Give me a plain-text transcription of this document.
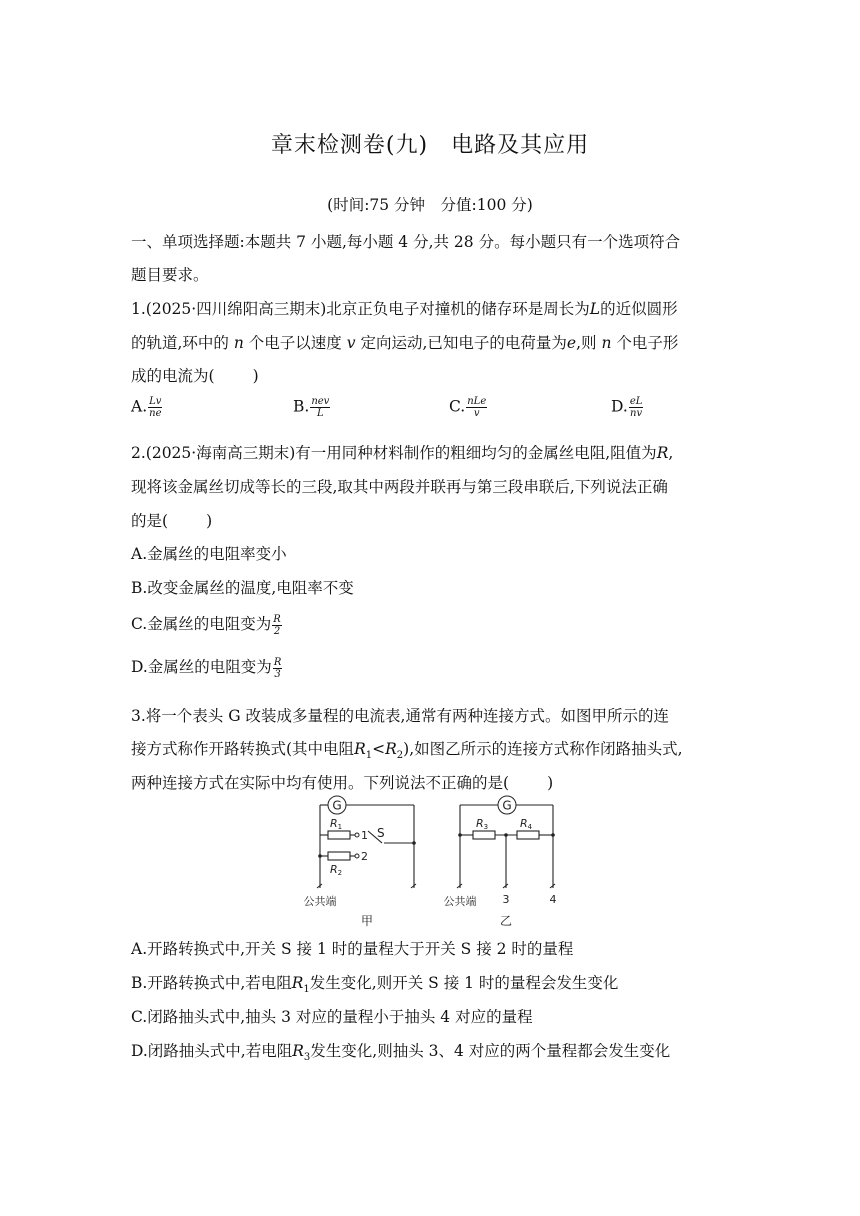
章末检测卷(九)　电路及其应用
(时间:75 分钟　分值:100 分)
一、单项选择题:本题共 7 小题,每小题 4 分,共 28 分。每小题只有一个选项符合
题目要求。
1.(2025·四川绵阳高三期末)北京正负电子对撞机的储存环是周长为L的近似圆形
的轨道,环中的 n 个电子以速度 v 定向运动,已知电子的电荷量为e,则 n 个电子形
成的电流为( )
A. $\frac{Lv}{ne}$	B. $\frac{\text{nev}}{L}$	C. $\frac{\text{nLe}}{v}$	D. $\frac{eL}{nv}$
2.(2025·海南高三期末)有一用同种材料制作的粗细均匀的金属丝电阻,阻值为R,
现将该金属丝切成等长的三段,取其中两段并联再与第三段串联后,下列说法正确
的是( )
A.金属丝的电阻率变小
B.改变金属丝的温度,电阻率不变
C.金属丝的电阻变为 $\frac{R}{2}$
D.金属丝的电阻变为 $\frac{R}{3}$
3.将一个表头 G 改装成多量程的电流表,通常有两种连接方式。如图甲所示的连
接方式称作开路转换式(其中电阻$R_1<R_2$),如图乙所示的连接方式称作闭路抽头式,
两种连接方式在实际中均有使用。下列说法不正确的是( )
G
R1
R2
1
2
S
公共端
甲
G
R3	R4
公共端 3	4
乙
A.开路转换式中,开关 S 接 1 时的量程大于开关 S 接 2 时的量程
B.开路转换式中,若电阻$R_1$发生变化,则开关 S 接 1 时的量程会发生变化
C.闭路抽头式中,抽头 3 对应的量程小于抽头 4 对应的量程
D.闭路抽头式中,若电阻$R_3$发生变化,则抽头 3、4 对应的两个量程都会发生变化
